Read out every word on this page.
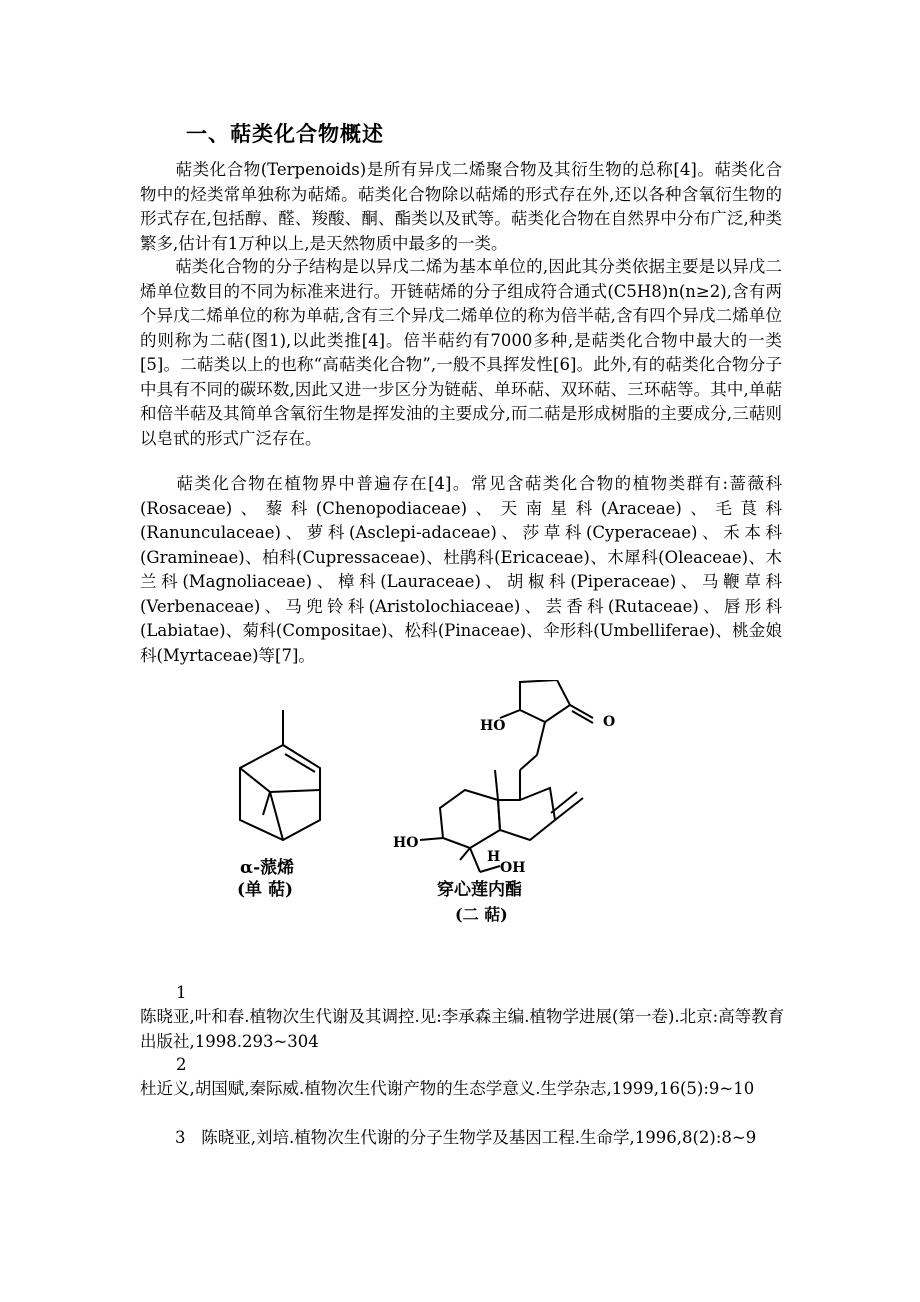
一、萜类化合物概述
萜类化合物(Terpenoids)是所有异戊二烯聚合物及其衍生物的总称[4]。萜类化合物中的烃类常单独称为萜烯。萜类化合物除以萜烯的形式存在外,还以各种含氧衍生物的形式存在,包括醇、醛、羧酸、酮、酯类以及甙等。萜类化合物在自然界中分布广泛,种类繁多,估计有1万种以上,是天然物质中最多的一类。
萜类化合物的分子结构是以异戊二烯为基本单位的,因此其分类依据主要是以异戊二烯单位数目的不同为标准来进行。开链萜烯的分子组成符合通式(C5H8)n(n≥2),含有两个异戊二烯单位的称为单萜,含有三个异戊二烯单位的称为倍半萜,含有四个异戊二烯单位的则称为二萜(图1),以此类推[4]。倍半萜约有7000多种,是萜类化合物中最大的一类[5]。二萜类以上的也称“高萜类化合物”,一般不具挥发性[6]。此外,有的萜类化合物分子中具有不同的碳环数,因此又进一步区分为链萜、单环萜、双环萜、三环萜等。其中,单萜和倍半萜及其简单含氧衍生物是挥发油的主要成分,而二萜是形成树脂的主要成分,三萜则以皂甙的形式广泛存在。
萜类化合物在植物界中普遍存在[4]。常见含萜类化合物的植物类群有:蔷薇科(Rosaceae)、藜科(Chenopodiaceae)、天南星科(Araceae)、毛茛科(Ranunculaceae)、萝科(Asclepi-adaceae)、莎草科(Cyperaceae)、禾本科(Gramineae)、柏科(Cupressaceae)、杜鹃科(Ericaceae)、木犀科(Oleaceae)、木兰科(Magnoliaceae)、樟科(Lauraceae)、胡椒科(Piperaceae)、马鞭草科(Verbenaceae)、马兜铃科(Aristolochiaceae)、芸香科(Rutaceae)、唇形科(Labiatae)、菊科(Compositae)、松科(Pinaceae)、伞形科(Umbelliferae)、桃金娘科(Myrtaceae)等[7]。
α-蒎烯
(单 萜)
HO	O
HO
H
OH
穿心莲内酯
(二 萜)
1
陈晓亚,叶和春.植物次生代谢及其调控.见:李承森主编.植物学进展(第一卷).北京:高等教育出版社,1998.293~304
2
杜近义,胡国赋,秦际威.植物次生代谢产物的生态学意义.生学杂志,1999,16(5):9~10
3 陈晓亚,刘培.植物次生代谢的分子生物学及基因工程.生命学,1996,8(2):8~9
